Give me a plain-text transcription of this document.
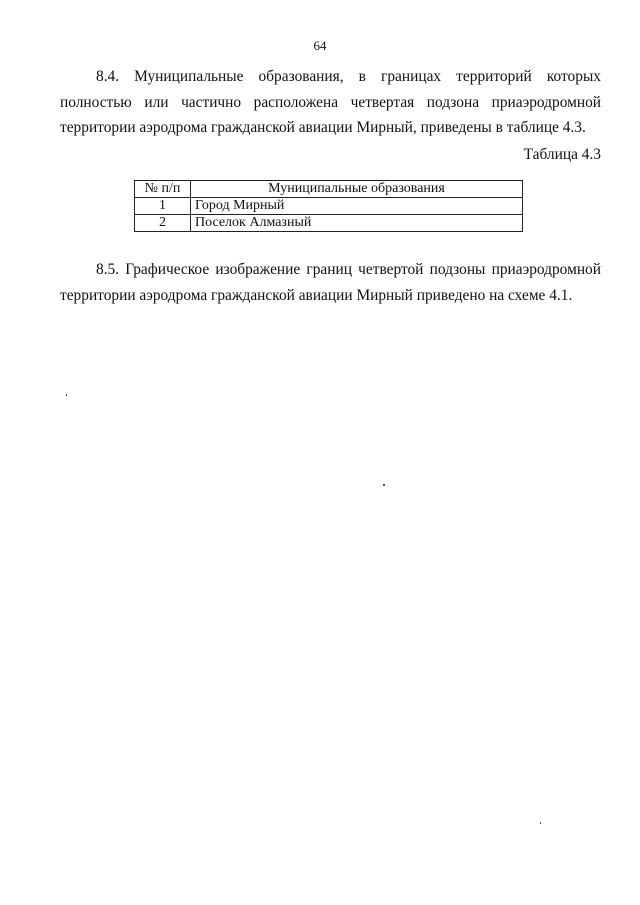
64
8.4. Муниципальные образования, в границах территорий которых
полностью или частично расположена четвертая подзона приаэродромной
территории аэродрома гражданской авиации Мирный, приведены в таблице 4.3.
Таблица 4.3
№ п/п	Муниципальные образования
1	Город Мирный
2	Поселок Алмазный
8.5. Графическое изображение границ четвертой подзоны приаэродромной
территории аэродрома гражданской авиации Мирный приведено на схеме 4.1.
